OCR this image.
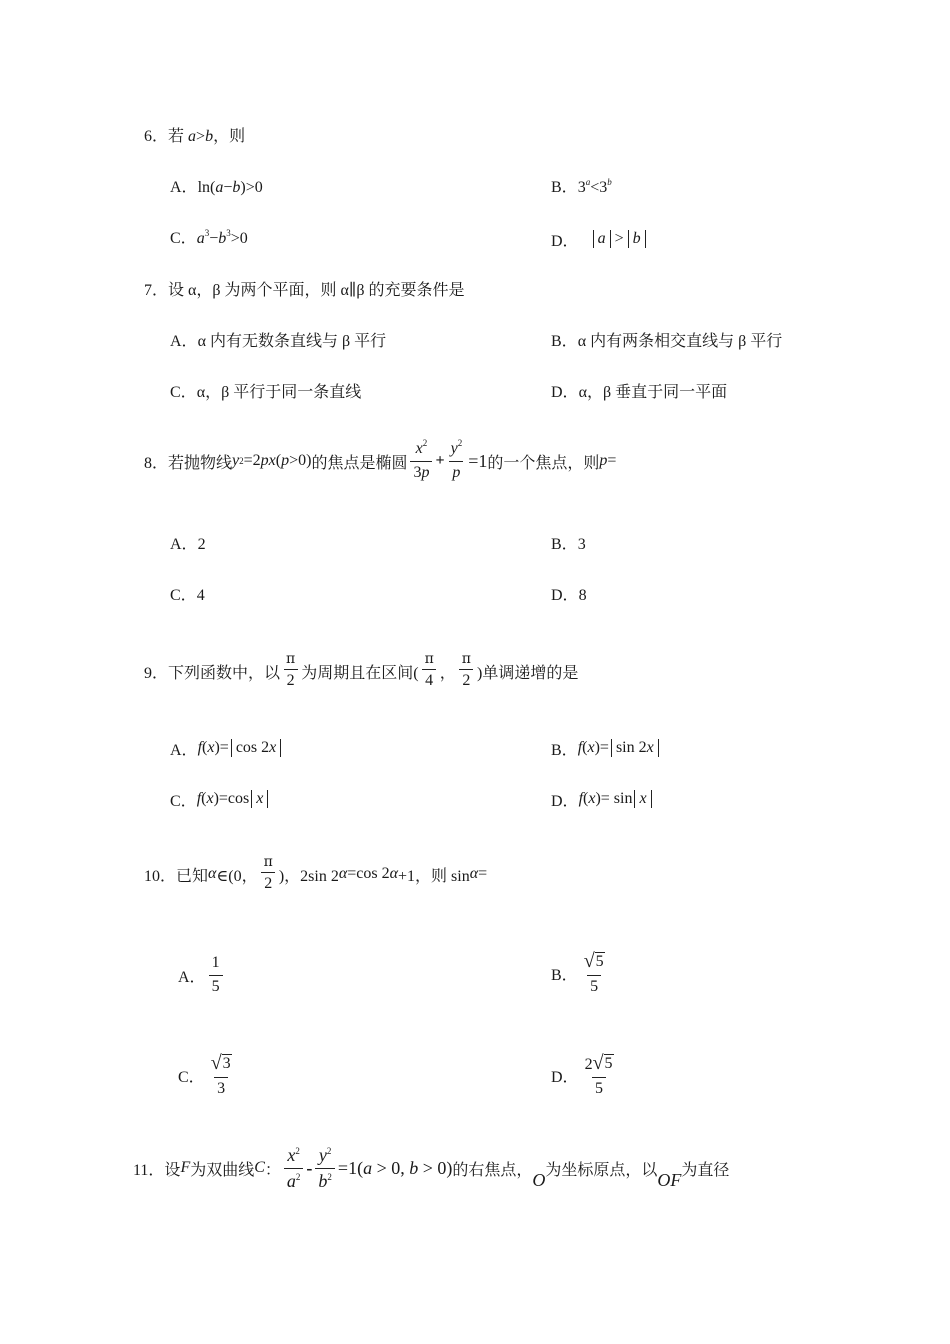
6．若 a>b，则
A．ln(a−b)>0	B．$3^a<3^b$
C．$a^3-b^3>0$	D． a > b
7．设 α，β 为两个平面，则 α∥β 的充要条件是
A．α 内有无数条直线与 β 平行	B．α 内有两条相交直线与 β 平行
C．α，β 平行于同一条直线	D．α，β 垂直于同一平面
8． 若抛物线 y 2 =2 px ( p >0) 的焦点是椭圆 $\frac{x^2}{3p} + \frac{y^2}{p} =1$ 的一个焦点，则 p =
A．2	B．3
C．4	D．8
9． 下列函数中，以 $\frac{\pi}{2}$ 为周期且在区间( $\frac{\pi}{4}$ ， $\frac{\pi}{2}$ )单调递增的是
A． f ( x )= cos 2x	B． f ( x )= sin 2x
C． f ( x )=cos x	D． f ( x )= sin x
10． 已知 α ∈(0， $\frac{\pi}{2}$ )，2sin 2 α =cos 2 α +1，则 sin α =
A． $\frac{1}{5}$	B． $\frac{√ 5}{5}$
C． $\frac{√ 3}{3}$	D． $\frac{2 √ 5}{5}$
11． 设 F 为双曲线 C ： $\frac{x^2}{a^2} - \frac{y^2}{b^2} =1(a > 0$, b > 0) 的右焦点， O 为坐标原点，以 OF 为直径
